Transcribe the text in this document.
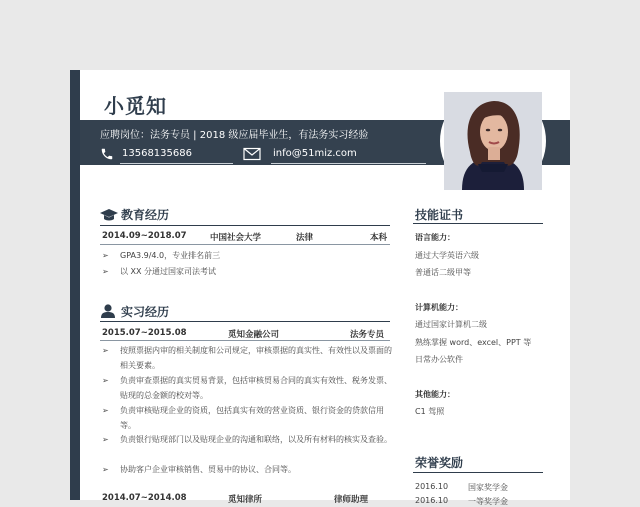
小觅知
应聘岗位：法务专员 | 2018 级应届毕业生，有法务实习经验
13568135686	info@51miz.com
教育经历
2014.09~2018.07	中国社会大学	法律	本科
➢	GPA3.9/4.0，专业排名前三
➢	以 XX 分通过国家司法考试
实习经历
2015.07~2015.08	觅知金融公司	法务专员
➢	按照票据内审的相关制度和公司规定，审核票据的真实性、有效性以及票面的相关要素。
➢	负责审查票据的真实贸易背景，包括审核贸易合同的真实有效性、税务发票、贴现的总金额的校对等。
➢	负责审核贴现企业的资质，包括真实有效的营业资质、银行资金的贷款信用等。
➢	负责银行贴现部门以及贴现企业的沟通和联络，以及所有材料的核实及查验。
➢	协助客户企业审核销售、贸易中的协议、合同等。
2014.07~2014.08	觅知律所	律师助理
技能证书
语言能力：
通过大学英语六级
普通话二级甲等
计算机能力：
通过国家计算机二级
熟练掌握 word、excel、PPT 等
日常办公软件
其他能力：
C1 驾照
荣誉奖励
2016.10 国家奖学金
2016.10 一等奖学金
